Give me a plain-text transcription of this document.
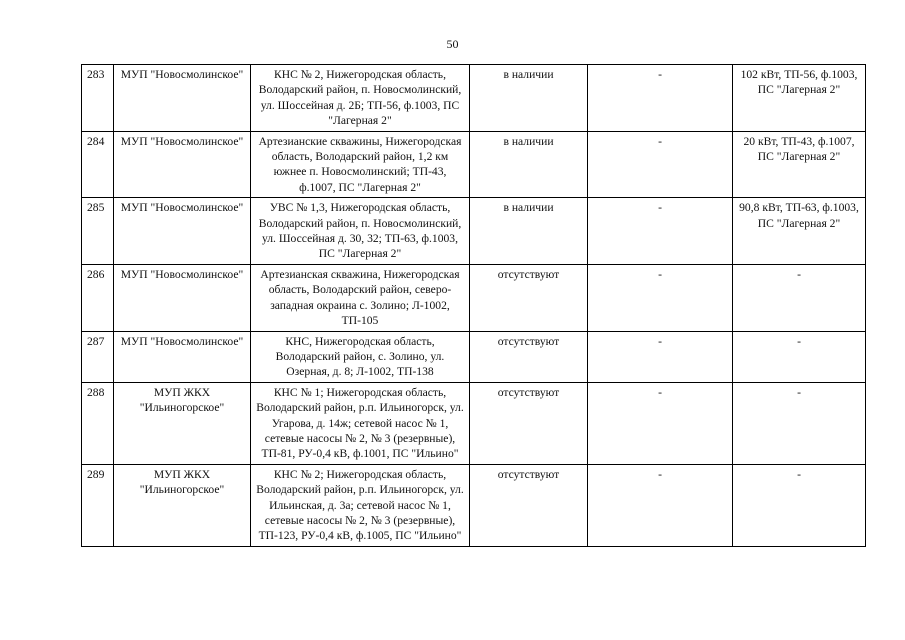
50
283	МУП "Новосмолинское"	КНС № 2, Нижегородская область, Володарский район, п. Новосмолинский, ул. Шоссейная д. 2Б; ТП-56, ф.1003, ПС "Лагерная 2"	в наличии	-	102 кВт, ТП-56, ф.1003, ПС "Лагерная 2"
284	МУП "Новосмолинское"	Артезианские скважины, Нижегородская область, Володарский район, 1,2 км южнее п. Новосмолинский; ТП-43, ф.1007, ПС "Лагерная 2"	в наличии	-	20 кВт, ТП-43, ф.1007, ПС "Лагерная 2"
285	МУП "Новосмолинское"	УВС № 1,3, Нижегородская область, Володарский район, п. Новосмолинский, ул. Шоссейная д. 30, 32; ТП-63, ф.1003, ПС "Лагерная 2"	в наличии	-	90,8 кВт, ТП-63, ф.1003, ПС "Лагерная 2"
286	МУП "Новосмолинское"	Артезианская скважина, Нижегородская область, Володарский район, северо-западная окраина с. Золино; Л-1002, ТП-105	отсутствуют	-	-
287	МУП "Новосмолинское"	КНС, Нижегородская область, Володарский район, с. Золино, ул. Озерная, д. 8; Л-1002, ТП-138	отсутствуют	-	-
288	МУП ЖКХ "Ильиногорское"	КНС № 1; Нижегородская область, Володарский район, р.п. Ильиногорск, ул. Угарова, д. 14ж; сетевой насос № 1, сетевые насосы № 2, № 3 (резервные), ТП-81, РУ-0,4 кВ, ф.1001, ПС "Ильино"	отсутствуют	-	-
289	МУП ЖКХ "Ильиногорское"	КНС № 2; Нижегородская область, Володарский район, р.п. Ильиногорск, ул. Ильинская, д. 3а; сетевой насос № 1, сетевые насосы № 2, № 3 (резервные), ТП-123, РУ-0,4 кВ, ф.1005, ПС "Ильино"	отсутствуют	-	-
